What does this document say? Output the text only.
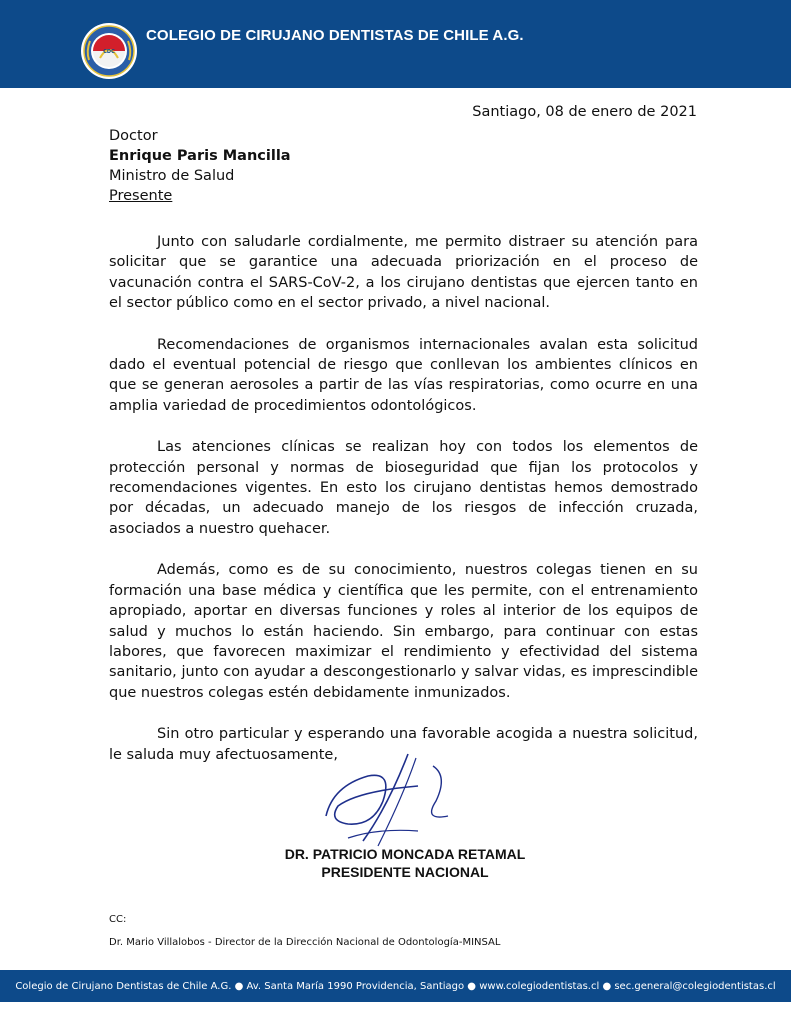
CDC
COLEGIO DE CIRUJANO DENTISTAS DE CHILE A.G.
Santiago, 08 de enero de 2021
Doctor
Enrique Paris Mancilla
Ministro de Salud
Presente

Junto con saludarle cordialmente, me permito distraer su atención para solicitar que se garantice una adecuada priorización en el proceso de vacunación contra el SARS-CoV-2, a los cirujano dentistas que ejercen tanto en el sector público como en el sector privado, a nivel nacional.

Recomendaciones de organismos internacionales avalan esta solicitud dado el eventual potencial de riesgo que conllevan los ambientes clínicos en que se generan aerosoles a partir de las vías respiratorias, como ocurre en una amplia variedad de procedimientos odontológicos.

Las atenciones clínicas se realizan hoy con todos los elementos de protección personal y normas de bioseguridad que fijan los protocolos y recomendaciones vigentes. En esto los cirujano dentistas hemos demostrado por décadas, un adecuado manejo de los riesgos de infección cruzada, asociados a nuestro quehacer.

Además, como es de su conocimiento, nuestros colegas tienen en su formación una base médica y científica que les permite, con el entrenamiento apropiado, aportar en diversas funciones y roles al interior de los equipos de salud y muchos lo están haciendo. Sin embargo, para continuar con estas labores, que favorecen maximizar el rendimiento y efectividad del sistema sanitario, junto con ayudar a descongestionarlo y salvar vidas, es imprescindible que nuestros colegas estén debidamente inmunizados.

Sin otro particular y esperando una favorable acogida a nuestra solicitud, le saluda muy afectuosamente,

DR. PATRICIO MONCADA RETAMAL
PRESIDENTE NACIONAL
CC:
Dr. Mario Villalobos - Director de la Dirección Nacional de Odontología-MINSAL
Colegio de Cirujano Dentistas de Chile A.G. ● Av. Santa María 1990 Providencia, Santiago ● www.colegiodentistas.cl ● sec.general@colegiodentistas.cl
